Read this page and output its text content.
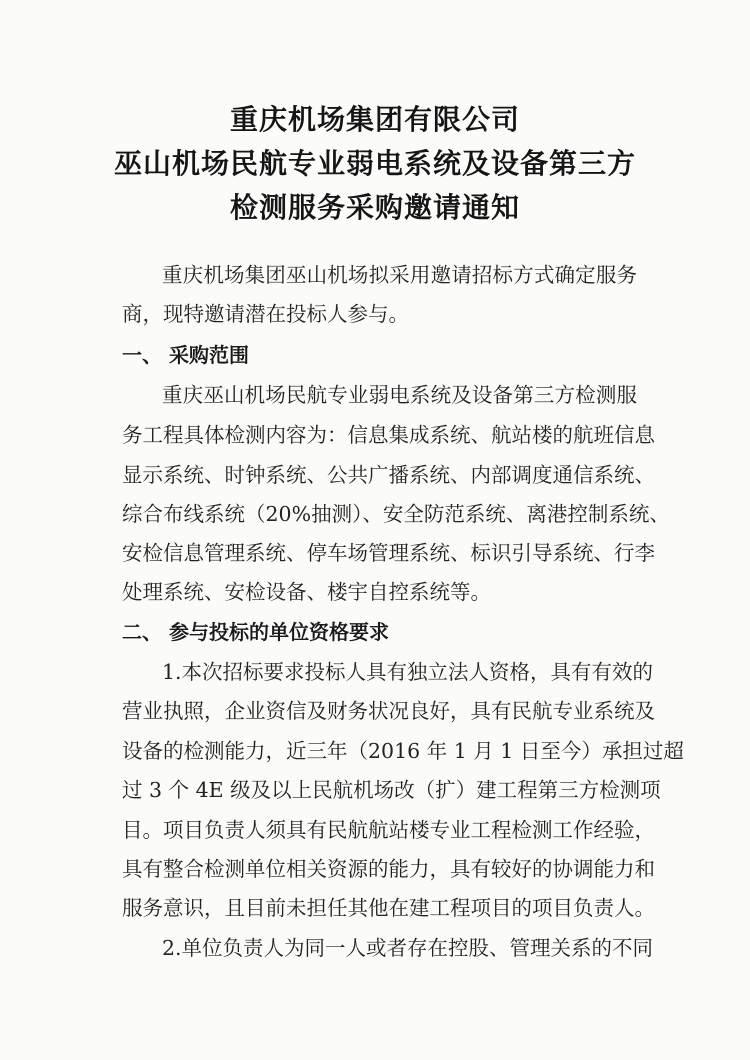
重庆机场集团有限公司
巫山机场民航专业弱电系统及设备第三方
检测服务采购邀请通知
重庆机场集团巫山机场拟采用邀请招标方式确定服务
商，现特邀请潜在投标人参与。
一、 采购范围
重庆巫山机场民航专业弱电系统及设备第三方检测服
务工程具体检测内容为：信息集成系统、航站楼的航班信息
显示系统、时钟系统、公共广播系统、内部调度通信系统、
综合布线系统（20%抽测）、安全防范系统、离港控制系统、
安检信息管理系统、停车场管理系统、标识引导系统、行李
处理系统、安检设备、楼宇自控系统等。
二、 参与投标的单位资格要求
1.本次招标要求投标人具有独立法人资格，具有有效的
营业执照，企业资信及财务状况良好，具有民航专业系统及
设备的检测能力，近三年（2016 年 1 月 1 日至今）承担过超
过 3 个 4E 级及以上民航机场改（扩）建工程第三方检测项
目。项目负责人须具有民航航站楼专业工程检测工作经验，
具有整合检测单位相关资源的能力，具有较好的协调能力和
服务意识，且目前未担任其他在建工程项目的项目负责人。
2.单位负责人为同一人或者存在控股、管理关系的不同
